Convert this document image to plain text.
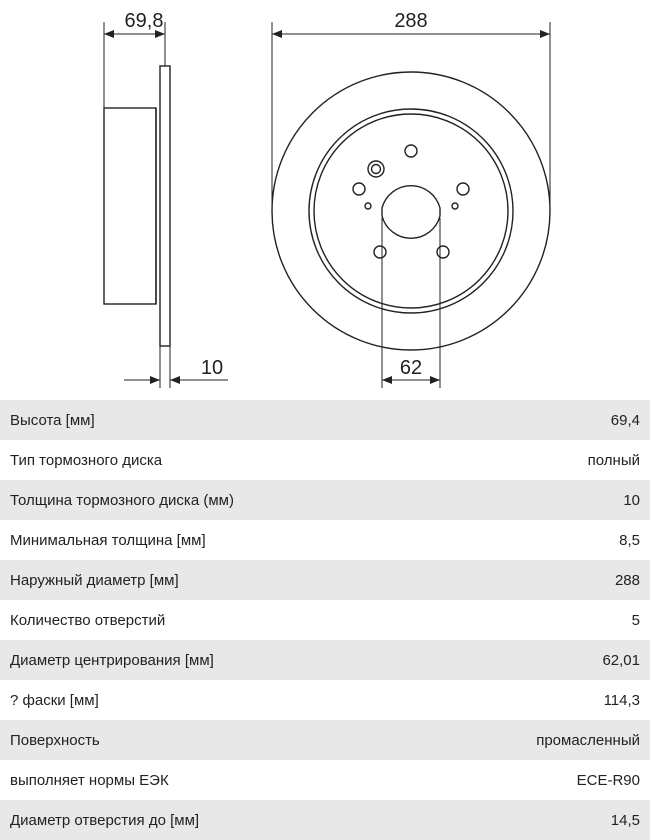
69,8
10
288
62
Высота [мм]	69,4
Тип тормозного диска	полный
Толщина тормозного диска (мм)	10
Минимальная толщина [мм]	8,5
Наружный диаметр [мм]	288
Количество отверстий	5
Диаметр центрирования [мм]	62,01
? фаски [мм]	114,3
Поверхность	промасленный
выполняет нормы ЕЭК	ECE-R90
Диаметр отверстия до [мм]	14,5
